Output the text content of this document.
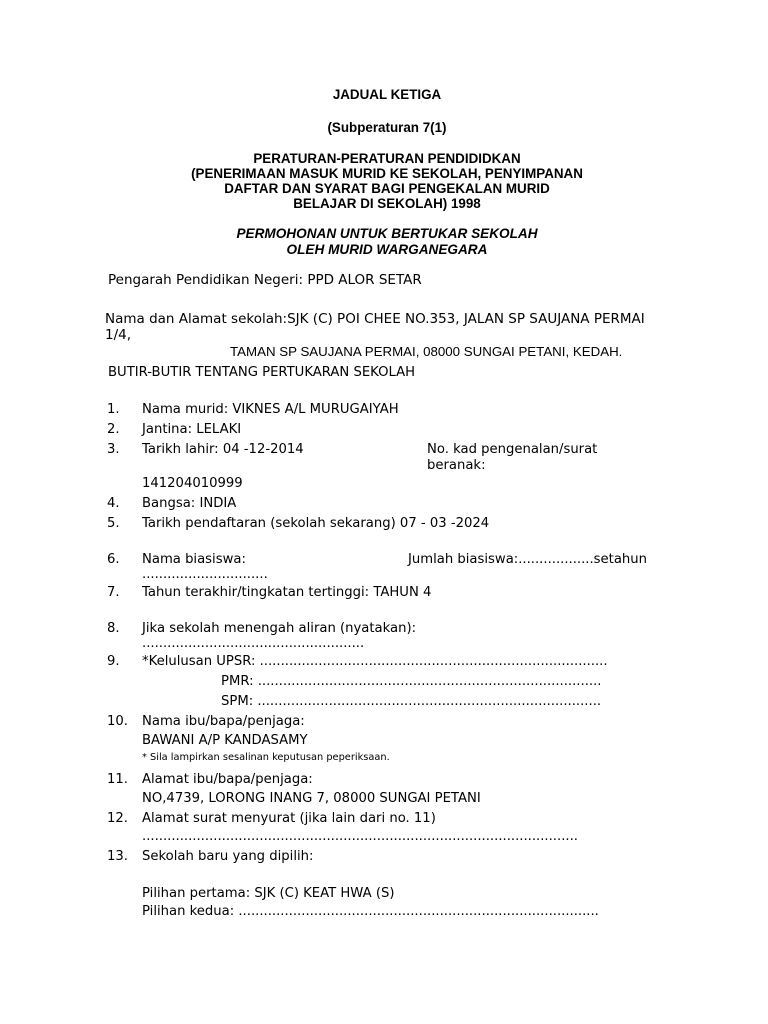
JADUAL KETIGA
(Subperaturan 7(1)
PERATURAN-PERATURAN PENDIDIDKAN
(PENERIMAAN MASUK MURID KE SEKOLAH, PENYIMPANAN
DAFTAR DAN SYARAT BAGI PENGEKALAN MURID
BELAJAR DI SEKOLAH) 1998
PERMOHONAN UNTUK BERTUKAR SEKOLAH
OLEH MURID WARGANEGARA
Pengarah Pendidikan Negeri: PPD ALOR SETAR
Nama dan Alamat sekolah:SJK (C) POI CHEE NO.353, JALAN SP SAUJANA PERMAI
1/4,
TAMAN SP SAUJANA PERMAI, 08000 SUNGAI PETANI, KEDAH.
BUTIR-BUTIR TENTANG PERTUKARAN SEKOLAH
1. Nama murid: VIKNES A/L MURUGAIYAH
2. Jantina: LELAKI
3. Tarikh lahir: 04 -12-2014	No. kad pengenalan/surat
beranak:
141204010999
4. Bangsa: INDIA
5. Tarikh pendaftaran (sekolah sekarang) 07 - 03 -2024
6. Nama biasiswa:	Jumlah biasiswa:..................setahun
..............................
7. Tahun terakhir/tingkatan tertinggi: TAHUN 4
8. Jika sekolah menengah aliran (nyatakan):
.....................................................
9. *Kelulusan UPSR: ...................................................................................
PMR: ..................................................................................
SPM: ..................................................................................
10. Nama ibu/bapa/penjaga:
BAWANI A/P KANDASAMY
* Sila lampirkan sesalinan keputusan peperiksaan.
11. Alamat ibu/bapa/penjaga:
NO,4739, LORONG INANG 7, 08000 SUNGAI PETANI
12. Alamat surat menyurat (jika lain dari no. 11)
........................................................................................................
13. Sekolah baru yang dipilih:
Pilihan pertama: SJK (C) KEAT HWA (S)
Pilihan kedua: ......................................................................................
